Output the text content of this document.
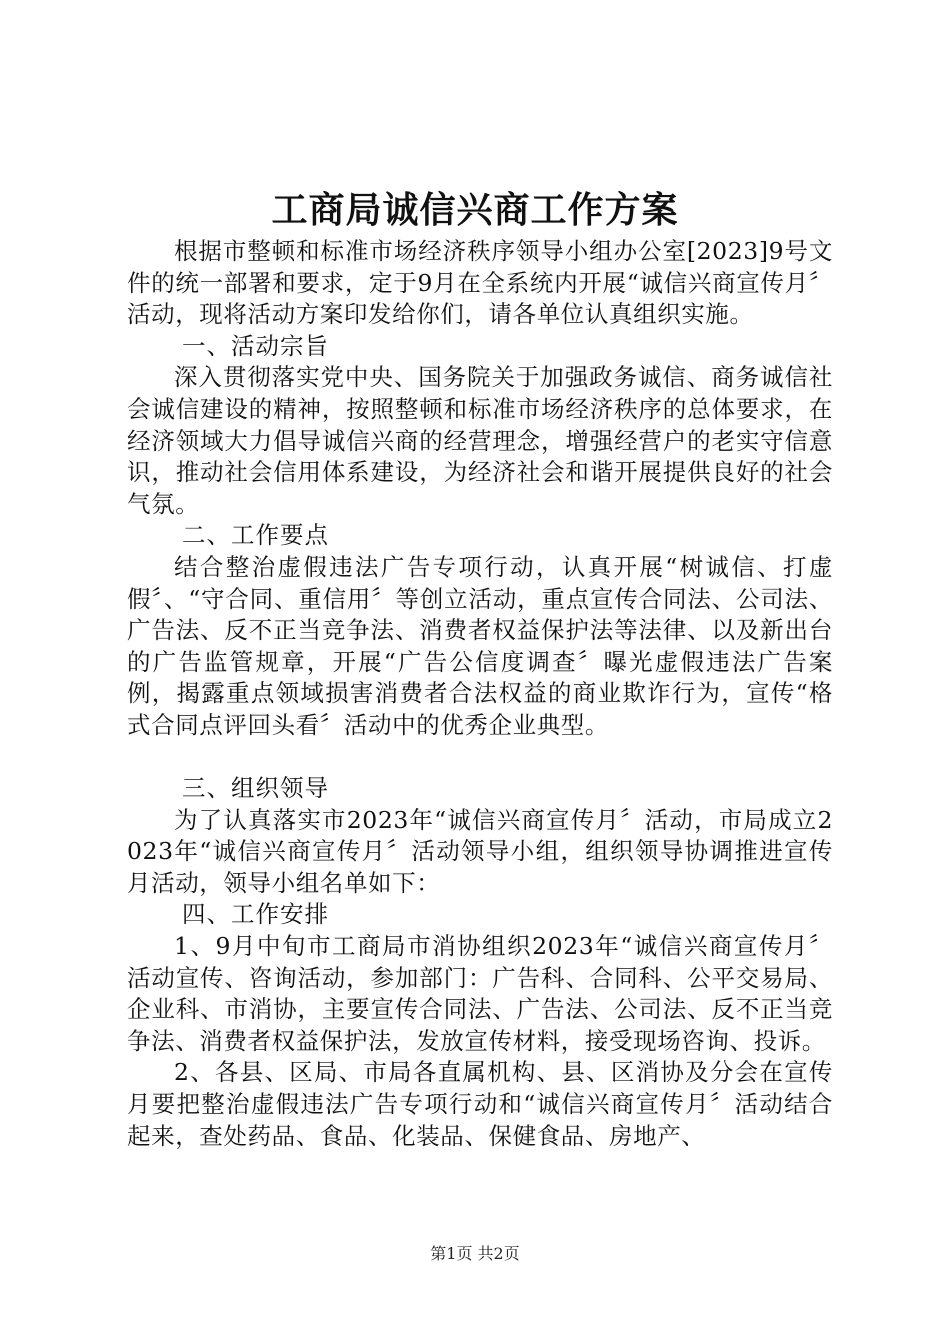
工商局诚信兴商工作方案

根据市整顿和标准市场经济秩序领导小组办公室[2023]9号文件的统一部署和要求，定于9月在全系统内开展“诚信兴商宣传月〞活动，现将活动方案印发给你们，请各单位认真组织实施。

一、活动宗旨

深入贯彻落实党中央、国务院关于加强政务诚信、商务诚信社会诚信建设的精神，按照整顿和标准市场经济秩序的总体要求，在经济领域大力倡导诚信兴商的经营理念，增强经营户的老实守信意识，推动社会信用体系建设，为经济社会和谐开展提供良好的社会气氛。

二、工作要点

结合整治虚假违法广告专项行动，认真开展“树诚信、打虚假〞、“守合同、重信用〞等创立活动，重点宣传合同法、公司法、广告法、反不正当竞争法、消费者权益保护法等法律、以及新出台的广告监管规章，开展“广告公信度调查〞曝光虚假违法广告案例，揭露重点领域损害消费者合法权益的商业欺诈行为，宣传“格式合同点评回头看〞活动中的优秀企业典型。

三、组织领导

为了认真落实市2023年“诚信兴商宣传月〞活动，市局成立2023年“诚信兴商宣传月〞活动领导小组，组织领导协调推进宣传月活动，领导小组名单如下：

四、工作安排

1、9月中旬市工商局市消协组织2023年“诚信兴商宣传月〞活动宣传、咨询活动，参加部门：广告科、合同科、公平交易局、企业科、市消协，主要宣传合同法、广告法、公司法、反不正当竞争法、消费者权益保护法，发放宣传材料，接受现场咨询、投诉。

2、各县、区局、市局各直属机构、县、区消协及分会在宣传月要把整治虚假违法广告专项行动和“诚信兴商宣传月〞活动结合起来，查处药品、食品、化装品、保健食品、房地产、

第1页 共2页
